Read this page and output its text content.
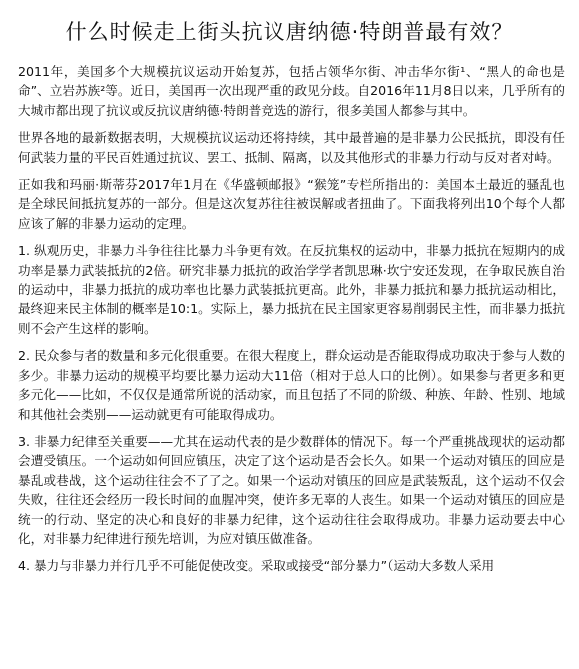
什么时候走上街头抗议唐纳德·特朗普最有效？

2011年，美国多个大规模抗议运动开始复苏，包括占领华尔街、冲击华尔街¹、“黑人的命也是命”、立岩苏族²等。近日，美国再一次出现严重的政见分歧。自2016年11月8日以来，几乎所有的大城市都出现了抗议或反抗议唐纳德·特朗普竞选的游行，很多美国人都参与其中。

世界各地的最新数据表明，大规模抗议运动还将持续，其中最普遍的是非暴力公民抵抗，即没有任何武装力量的平民百姓通过抗议、罢工、抵制、隔离，以及其他形式的非暴力行动与反对者对峙。

正如我和玛丽·斯蒂芬2017年1月在《华盛顿邮报》“猴笼”专栏所指出的：美国本土最近的骚乱也是全球民间抵抗复苏的一部分。但是这次复苏往往被误解或者扭曲了。下面我将列出10个每个人都应该了解的非暴力运动的定理。

1. 纵观历史，非暴力斗争往往比暴力斗争更有效。在反抗集权的运动中，非暴力抵抗在短期内的成功率是暴力武装抵抗的2倍。研究非暴力抵抗的政治学学者凯思琳·坎宁安还发现，在争取民族自治的运动中，非暴力抵抗的成功率也比暴力武装抵抗更高。此外，非暴力抵抗和暴力抵抗运动相比，最终迎来民主体制的概率是10:1。实际上，暴力抵抗在民主国家更容易削弱民主性，而非暴力抵抗则不会产生这样的影响。

2. 民众参与者的数量和多元化很重要。在很大程度上，群众运动是否能取得成功取决于参与人数的多少。非暴力运动的规模平均要比暴力运动大11倍（相对于总人口的比例）。如果参与者更多和更多元化——比如，不仅仅是通常所说的活动家，而且包括了不同的阶级、种族、年龄、性别、地域和其他社会类别——运动就更有可能取得成功。

3. 非暴力纪律至关重要——尤其在运动代表的是少数群体的情况下。每一个严重挑战现状的运动都会遭受镇压。一个运动如何回应镇压，决定了这个运动是否会长久。如果一个运动对镇压的回应是暴乱或巷战，这个运动往往会不了了之。如果一个运动对镇压的回应是武装叛乱，这个运动不仅会失败，往往还会经历一段长时间的血腥冲突，使许多无辜的人丧生。如果一个运动对镇压的回应是统一的行动、坚定的决心和良好的非暴力纪律，这个运动往往会取得成功。非暴力运动要去中心化，对非暴力纪律进行预先培训，为应对镇压做准备。

4. 暴力与非暴力并行几乎不可能促使改变。采取或接受“部分暴力”（运动大多数人采用
